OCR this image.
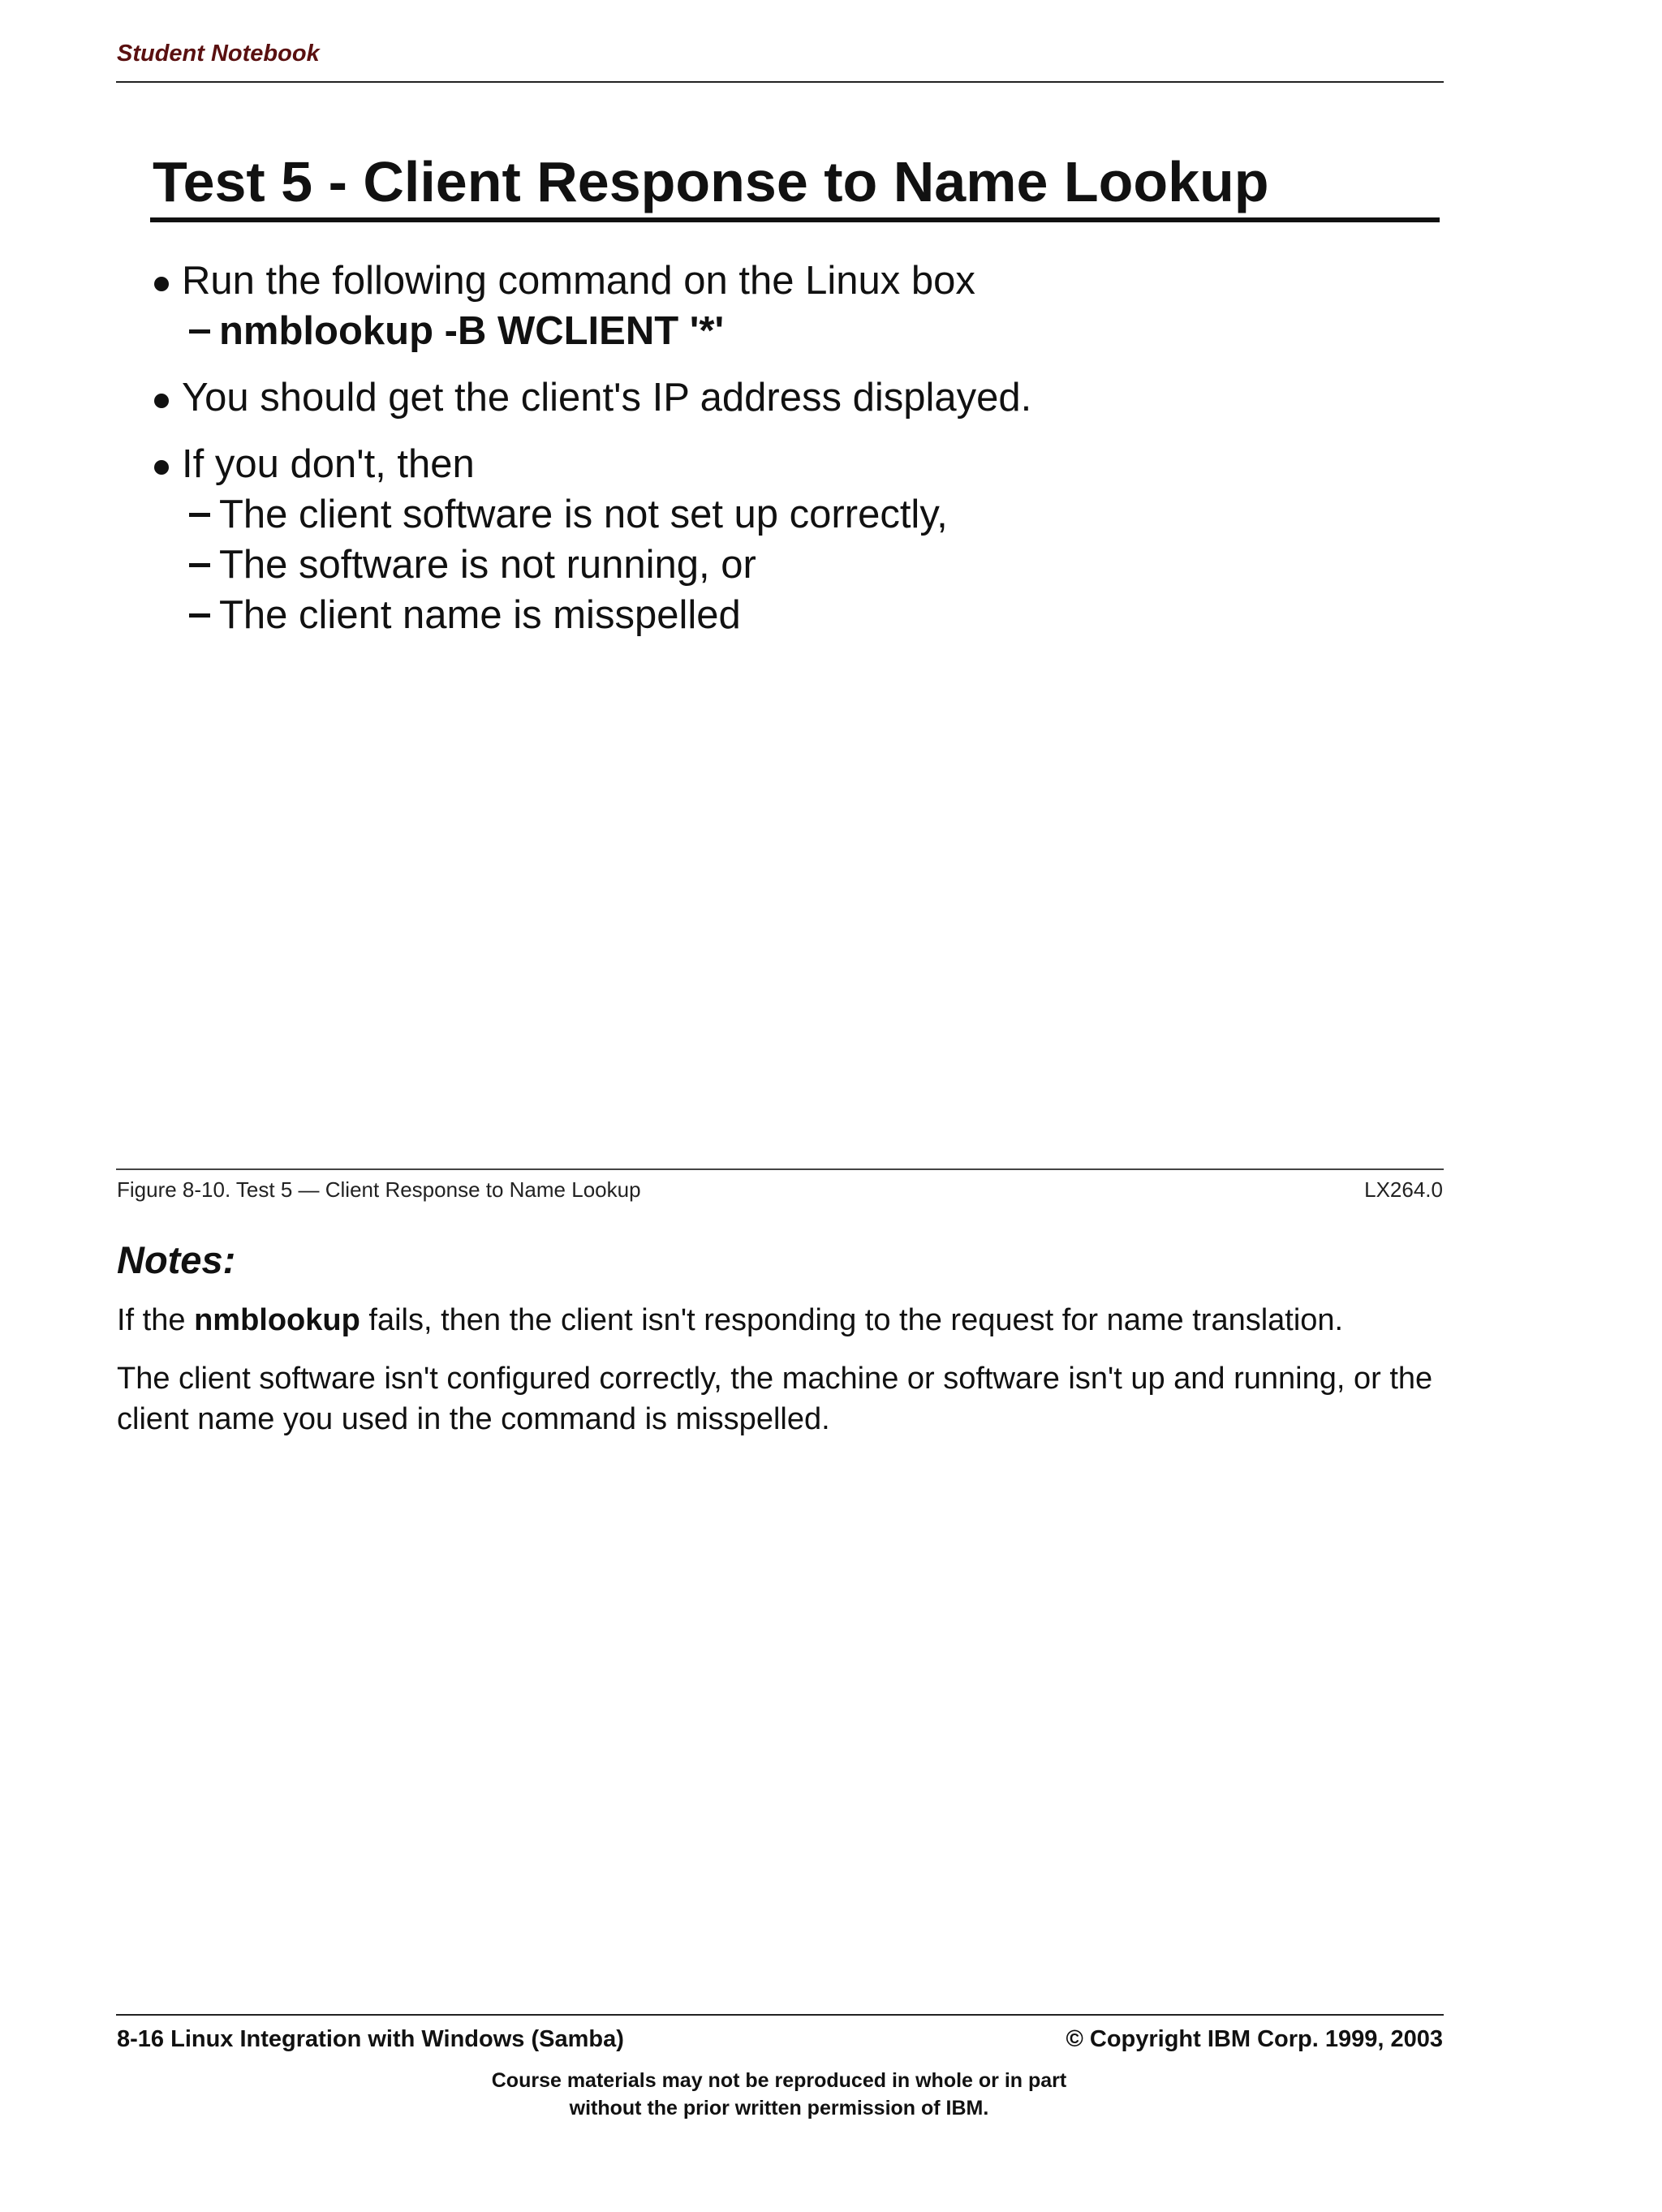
Student Notebook
Test 5 - Client Response to Name Lookup
Run the following command on the Linux box
nmblookup -B WCLIENT '*'
You should get the client's IP address displayed.
If you don't, then
The client software is not set up correctly,
The software is not running, or
The client name is misspelled
Figure 8-10. Test 5 — Client Response to Name Lookup	LX264.0
Notes:

If the nmblookup fails, then the client isn't responding to the request for name translation.

The client software isn't configured correctly, the machine or software isn't up and running, or the client name you used in the command is misspelled.

8-16 Linux Integration with Windows (Samba)	© Copyright IBM Corp. 1999, 2003
Course materials may not be reproduced in whole or in part
without the prior written permission of IBM.
